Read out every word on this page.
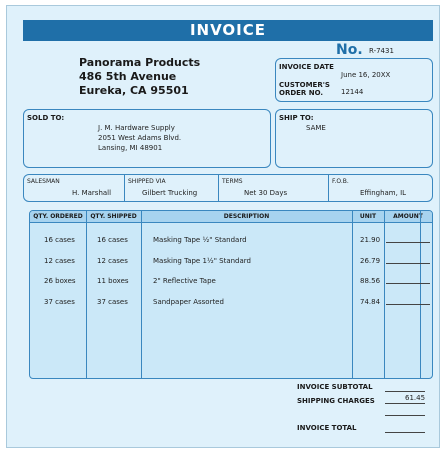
INVOICE
Panorama Products
486 5th Avenue
Eureka, CA 95501
No. R-7431
INVOICE DATE
June 16, 20XX
CUSTOMER'S
ORDER NO.	12144
SOLD TO:
J. M. Hardware Supply
2051 West Adams Blvd.
Lansing, MI 48901
SHIP TO:
SAME
SALESMAN
H. Marshall
SHIPPED VIA
Gilbert Trucking
TERMS
Net 30 Days
F.O.B.
Effingham, IL
QTY. ORDERED	QTY. SHIPPED	DESCRIPTION	UNIT	AMOUNT
16 cases	16 cases	Masking Tape ½" Standard	21.90
12 cases	12 cases	Masking Tape 1½" Standard	26.79
26 boxes	11 boxes	2" Reflective Tape	88.56
37 cases	37 cases	Sandpaper Assorted	74.84
INVOICE SUBTOTAL
SHIPPING CHARGES	61.45
INVOICE TOTAL
